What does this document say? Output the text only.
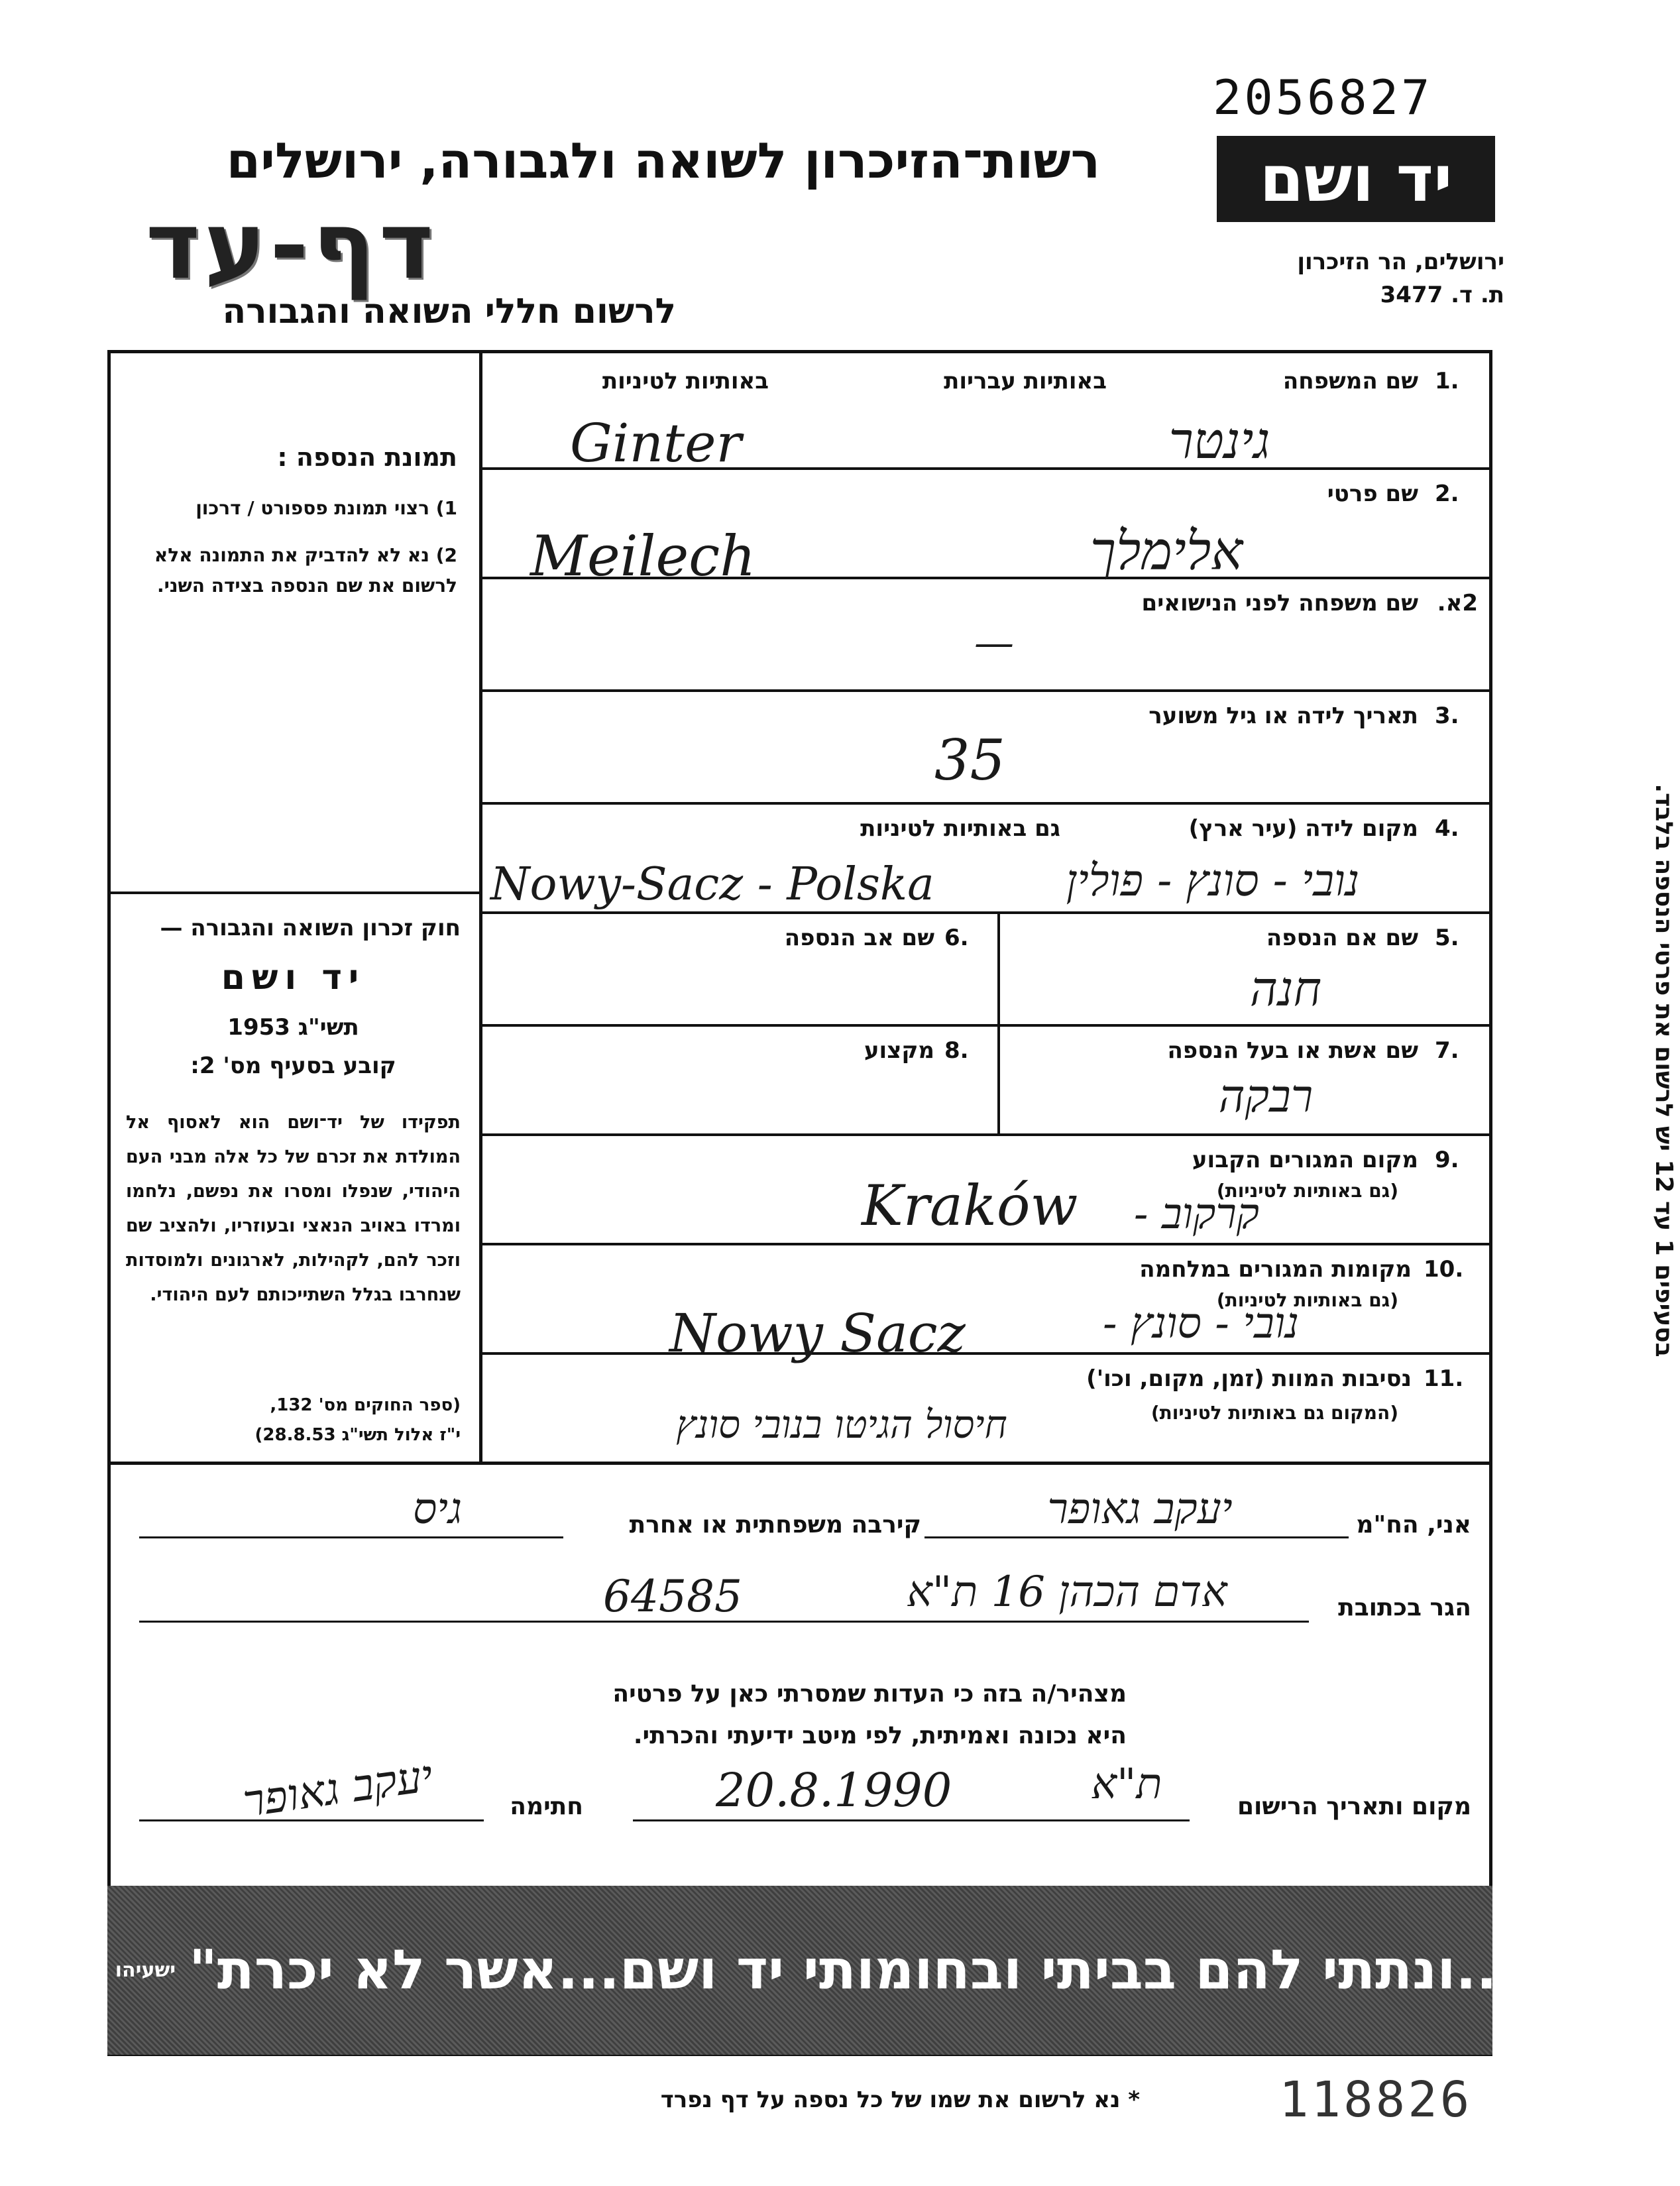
2056827
רשות־הזיכרון לשואה ולגבורה, ירושלים
דף-עד
לרשום חללי השואה והגבורה
יד ושם
ירושלים, הר הזיכרון
ת. ד. 3477
תמונת הנספה :
1) רצוי תמונת פספורט / דרכון
2) נא לא להדביק את התמונה אלא לרשום את שם הנספה בצידה השני.
חוק זכרון השואה והגבורה —
יד ושם
תשי"ג 1953
קובע בסעיף מס' 2:
תפקידו של יד־ושם הוא לאסוף אל המולדת את זכרם של כל אלה מבני העם היהודי, שנפלו ומסרו את נפשם, נלחמו ומרדו באויב הנאצי ובעוזריו, ולהציב שם וזכר להם, לקהילות, לארגונים ולמוסדות שנחרבו בגלל השתייכותם לעם היהודי.
(ספר החוקים מס' 132,
י"ז אלול תשי"ג 28.8.53)
1.
שם המשפחה
באותיות עבריות
באותיות לטיניות
גינטר
Ginter
2.
שם פרטי
אלימלך
Meilech
2א.
שם משפחה לפני הנישואים
—
3.
תאריך לידה או גיל משוער
35
4.
מקום לידה (עיר ארץ)
גם באותיות לטיניות
נובי - סונץ - פולין
Nowy-Sacz - Polska
5.
שם אם הנספה
חנה
6.
שם אב הנספה
7.
שם אשת או בעל הנספה
רבקה
8.
מקצוע
9.
מקום המגורים הקבוע
(גם באותיות לטיניות)
קרקוב -
Kraków
10.
מקומות המגורים במלחמה
(גם באותיות לטיניות)
נובי - סונץ -
Nowy Sacz
11.
נסיבות המוות (זמן, מקום, וכו')
(המקום גם באותיות לטיניות)
חיסול הגיטו בנובי סונץ
בסעיפים 1 עד 12 יש לרשום את פרטי הנספה בלבד.
אני, הח"מ
יעקב גאופר
קירבה משפחתית או אחרת
גיס
הגר בכתובת
אדם הכהן 16 ת"א
64585
מצהיר/ה בזה כי העדות שמסרתי כאן על פרטיה
היא נכונה ואמיתית, לפי מיטב ידיעתי והכרתי.
מקום ותאריך הרישום
ת"א
20.8.1990
חתימה
יעקב גאופר
"...ונתתי להם בביתי ובחומותי יד ושם...אשר לא יכרת"
ישעיהו נ"ו, ה
* נא לרשום את שמו של כל נספה על דף נפרד	118826
